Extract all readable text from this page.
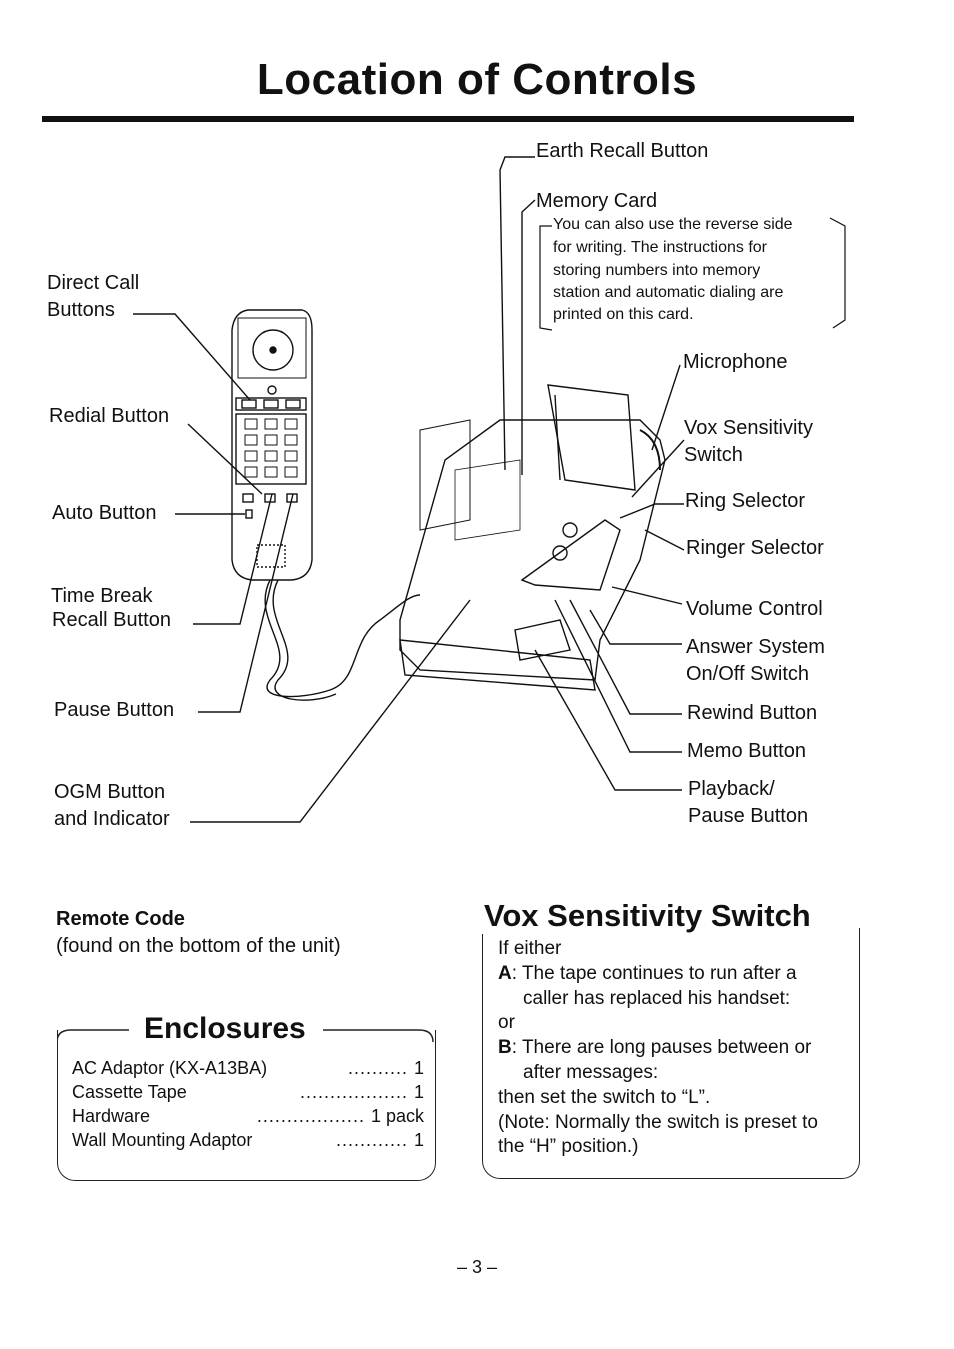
Location of Controls
Earth Recall Button
Memory Card
You can also use the reverse side
for writing. The instructions for
storing numbers into memory
station and automatic dialing are
printed on this card.
Direct Call
Buttons
Redial Button
Auto Button
Time Break
Recall Button
Pause Button
OGM Button
and Indicator
Microphone
Vox Sensitivity
Switch
Ring Selector
Ringer Selector
Volume Control
Answer System
On/Off Switch
Rewind Button
Memo Button
Playback/
Pause Button
Remote Code
(found on the bottom of the unit)
Enclosures
AC Adaptor (KX-A13BA)	.......... 1
Cassette Tape	.................. 1
Hardware	.................. 1 pack
Wall Mounting Adaptor	............ 1
Vox Sensitivity Switch
If either
A: The tape continues to run after a
caller has replaced his handset:
or
B: There are long pauses between or
after messages:
then set the switch to “L”.
(Note: Normally the switch is preset to
the “H” position.)
– 3 –
